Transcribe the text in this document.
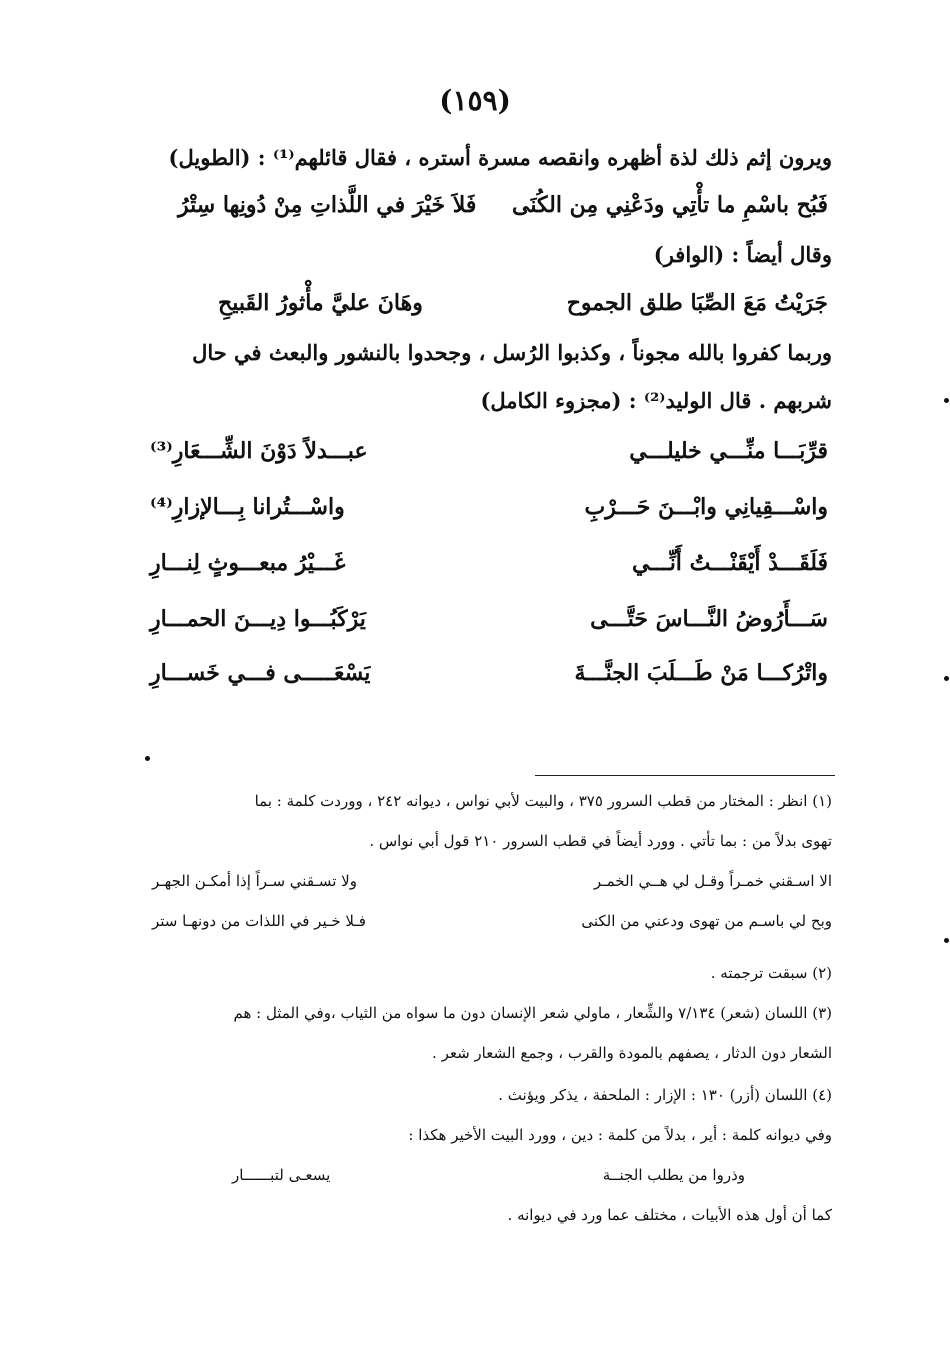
(١٥٩)
ويرون إثم ذلك لذة أظهره وانقصه مسرة أستره ، فقال قائلهم⁽¹⁾ : (الطويل)
فَبُح باسْمِ ما تأْتِي ودَعْنِي مِن الكُنَى
فَلاَ خَيْرَ في اللَّذاتِ مِنْ دُونِها سِتْرُ
وقال أيضاً : (الوافر)
جَرَيْتُ مَعَ الصِّبَا طلق الجموح
وهَانَ عليَّ مأْثورُ القَبيحِ
وربما كفروا بالله مجوناً ، وكذبوا الرُسل ، وجحدوا بالنشور والبعث في حال
شربهم . قال الوليد⁽²⁾ : (مجزوء الكامل)
قرِّبَـــا منِّـــي خليلـــي
عبـــدلاً دَوْنَ الشِّـــعَارِ⁽³⁾
واسْـــقِيانِي وابْـــنَ حَـــرْبِ
واسْـــتُرانا بِـــالإزارِ⁽⁴⁾
فَلَقَـــدْ أَيْقَنْـــتُ أَنِّـــي
غَـــيْرُ مبعـــوثٍ لِنـــارِ
سَـــأَرُوضُ النَّـــاسَ حَتَّـــى
يَرْكَبُـــوا دِيـــنَ الحمـــارِ
واتْرُكـــا مَنْ طَـــلَبَ الجنَّـــةَ
يَسْعَـــــى فـــي خَســـارِ
(١) انظر : المختار من قطب السرور ٣٧٥ ، والبيت لأبي نواس ، ديوانه ٢٤٢ ، ووردت كلمة : بما
تهوى بدلاً من : بما تأتي . وورد أيضاً في قطب السرور ٢١٠ قول أبي نواس .
الا اسـقني خمـراً وقـل لي هــي الخمـر
ولا تسـقني سـراً إذا أمكـن الجهـر
وبح لي باسـم من تهوى ودعني من الكنى
فـلا خـير في اللذات من دونهـا ستر
(٢) سبقت ترجمته .
(٣) اللسان (شعر) ٧/١٣٤ والشِّعار ، ماولي شعر الإنسان دون ما سواه من الثياب ،وفي المثل : هم
الشعار دون الدثار ، يصفهم بالمودة والقرب ، وجمع الشعار شعر .
(٤) اللسان (أزر) ١٣٠ : الإزار : الملحفة ، يذكر ويؤنث .
وفي ديوانه كلمة : أير ، بدلاً من كلمة : دين ، وورد البيت الأخير هكذا :
وذروا من يطلب الجنــة
يسعـى لتبــــــار
كما أن أول هذه الأبيات ، مختلف عما ورد في ديوانه .
